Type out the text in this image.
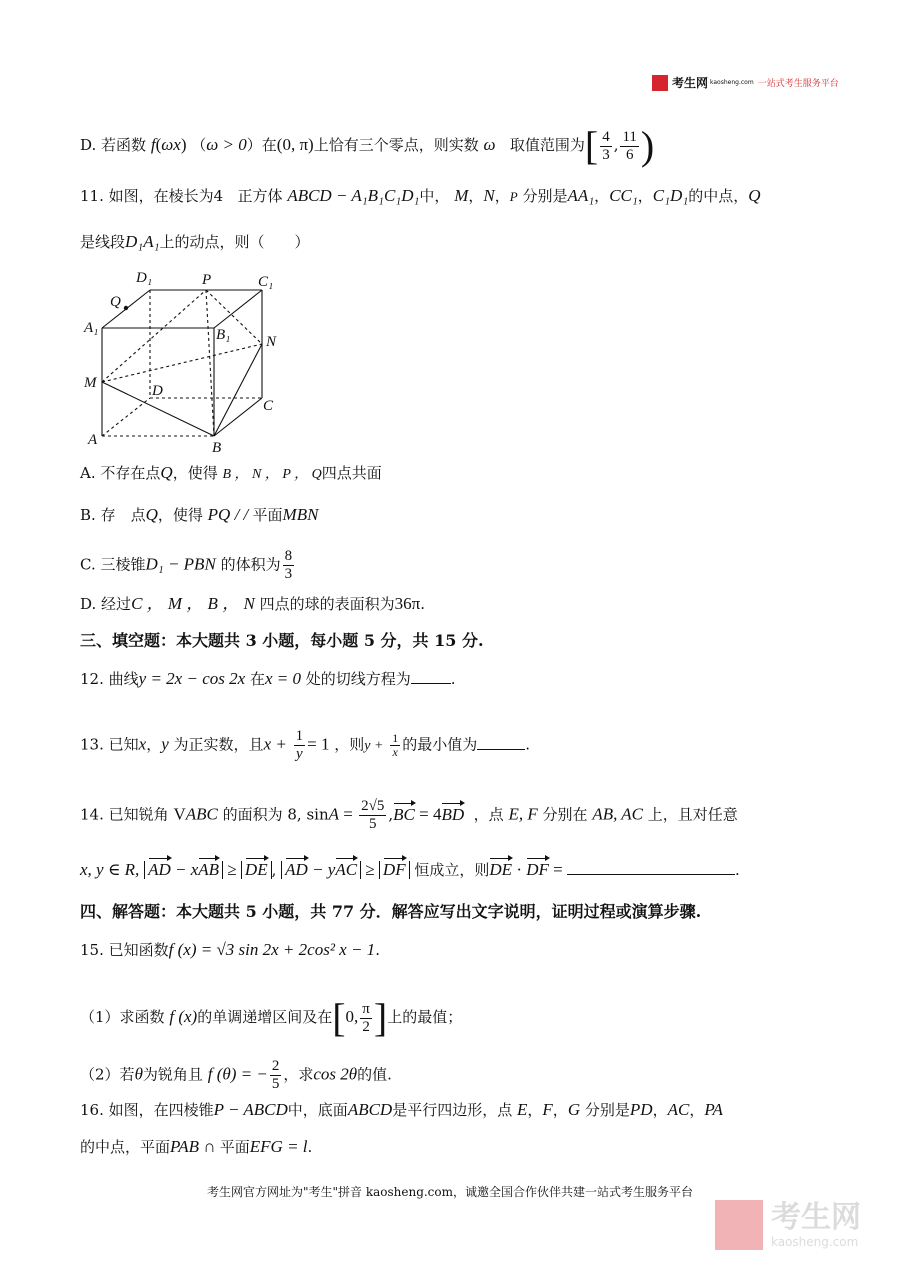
考生网 kaosheng.com 一站式考生服务平台
D. 若函数 f(ωx) （ω > 0）在(0, π)上恰有三个零点，则实数 ω 取值范围为[ $\frac{4}{3}$ , $\frac{11}{6}$ )
11. 如图，在棱长为4 正方体 ABCD − A₁B₁C₁D₁中， M，N，P 分别是AA₁，CC₁，C₁D₁的中点，Q
是线段D₁A₁上的动点，则（　　）
D₁	P	C₁
Q
A₁	B₁ N
M	D
C
A	B
A. 不存在点Q，使得 B ， N ， P ， Q四点共面
B. 存　点Q，使得 PQ / / 平面MBN
C. 三棱锥D₁ − PBN 的体积为 $\frac{8}{3}$
D. 经过C ， M ， B ， N 四点的球的表面积为36π.
三、填空题：本大题共 3 小题，每小题 5 分，共 15 分.
12. 曲线y = 2x − cos 2x 在x = 0 处的切线方程为	.
13. 已知x，y 为正实数，且$x + \frac{1}{y} = 1$ ，则$y + \frac{1}{x}$ 的最小值为	.
14. 已知锐角 VABC 的面积为 8, $\sin A = \frac{2√5}{5} ,BC = 4BD$ ，点 E, F 分别在 AB, AC 上，且对任意
x, y ∈ R, AD − xAB ≥ DE , AD − yAC ≥ DF 恒成立，则DE · DF =	.
四、解答题：本大题共 5 小题，共 77 分．解答应写出文字说明，证明过程或演算步骤.
15. 已知函数f (x) = √3 sin 2x + 2cos² x − 1.
（1）求函数 f (x)的单调递增区间及在[0, $\frac{\pi}{2}$ ]上的最值；
（2）若θ为锐角且 f (θ) = − $\frac{2}{5}$ ，求cos 2θ的值.
16. 如图，在四棱锥P − ABCD中，底面ABCD是平行四边形，点 E，F，G 分别是PD，AC，PA
的中点，平面PAB ∩ 平面EFG = l.
考生网官方网址为"考生"拼音 kaosheng.com，诚邀全国合作伙伴共建一站式考生服务平台
考生网
kaosheng.com
